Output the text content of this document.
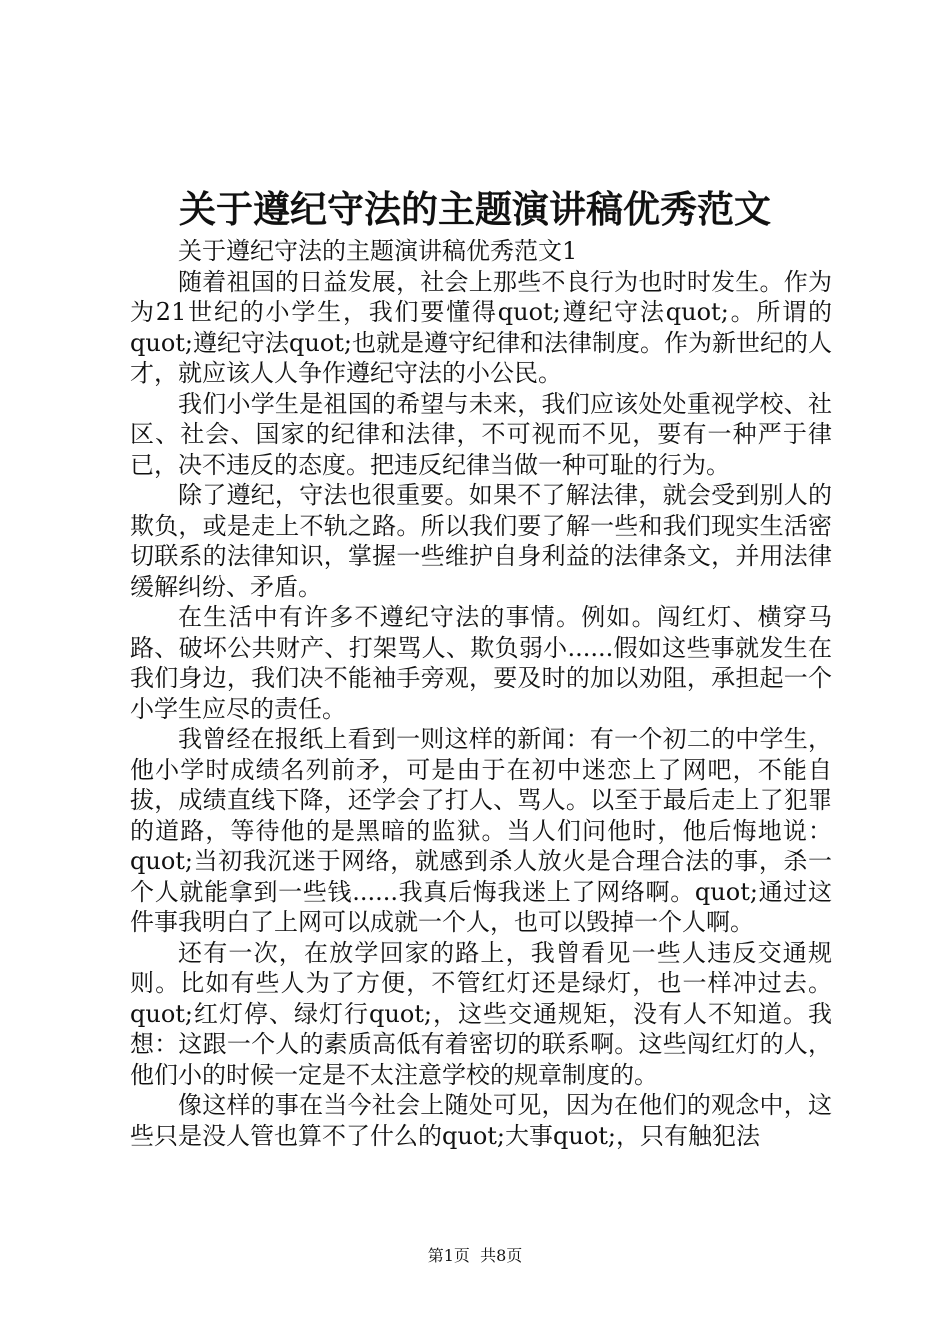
关于遵纪守法的主题演讲稿优秀范文

关于遵纪守法的主题演讲稿优秀范文1

随着祖国的日益发展，社会上那些不良行为也时时发生。作为为21世纪的小学生，我们要懂得quot;遵纪守法quot;。所谓的quot;遵纪守法quot;也就是遵守纪律和法律制度。作为新世纪的人才，就应该人人争作遵纪守法的小公民。

我们小学生是祖国的希望与未来，我们应该处处重视学校、社区、社会、国家的纪律和法律，不可视而不见，要有一种严于律已，决不违反的态度。把违反纪律当做一种可耻的行为。

除了遵纪，守法也很重要。如果不了解法律，就会受到别人的欺负，或是走上不轨之路。所以我们要了解一些和我们现实生活密切联系的法律知识，掌握一些维护自身利益的法律条文，并用法律缓解纠纷、矛盾。

在生活中有许多不遵纪守法的事情。例如。闯红灯、横穿马路、破坏公共财产、打架骂人、欺负弱小......假如这些事就发生在我们身边，我们决不能袖手旁观，要及时的加以劝阻，承担起一个小学生应尽的责任。

我曾经在报纸上看到一则这样的新闻：有一个初二的中学生，他小学时成绩名列前矛，可是由于在初中迷恋上了网吧，不能自拔，成绩直线下降，还学会了打人、骂人。以至于最后走上了犯罪的道路，等待他的是黑暗的监狱。当人们问他时，他后悔地说：quot;当初我沉迷于网络，就感到杀人放火是合理合法的事，杀一个人就能拿到一些钱......我真后悔我迷上了网络啊。quot;通过这件事我明白了上网可以成就一个人，也可以毁掉一个人啊。

还有一次，在放学回家的路上，我曾看见一些人违反交通规则。比如有些人为了方便，不管红灯还是绿灯，也一样冲过去。quot;红灯停、绿灯行quot;，这些交通规矩，没有人不知道。我想：这跟一个人的素质高低有着密切的联系啊。这些闯红灯的人，他们小的时候一定是不太注意学校的规章制度的。

像这样的事在当今社会上随处可见，因为在他们的观念中，这些只是没人管也算不了什么的quot;大事quot;，只有触犯法

第1页 共8页
